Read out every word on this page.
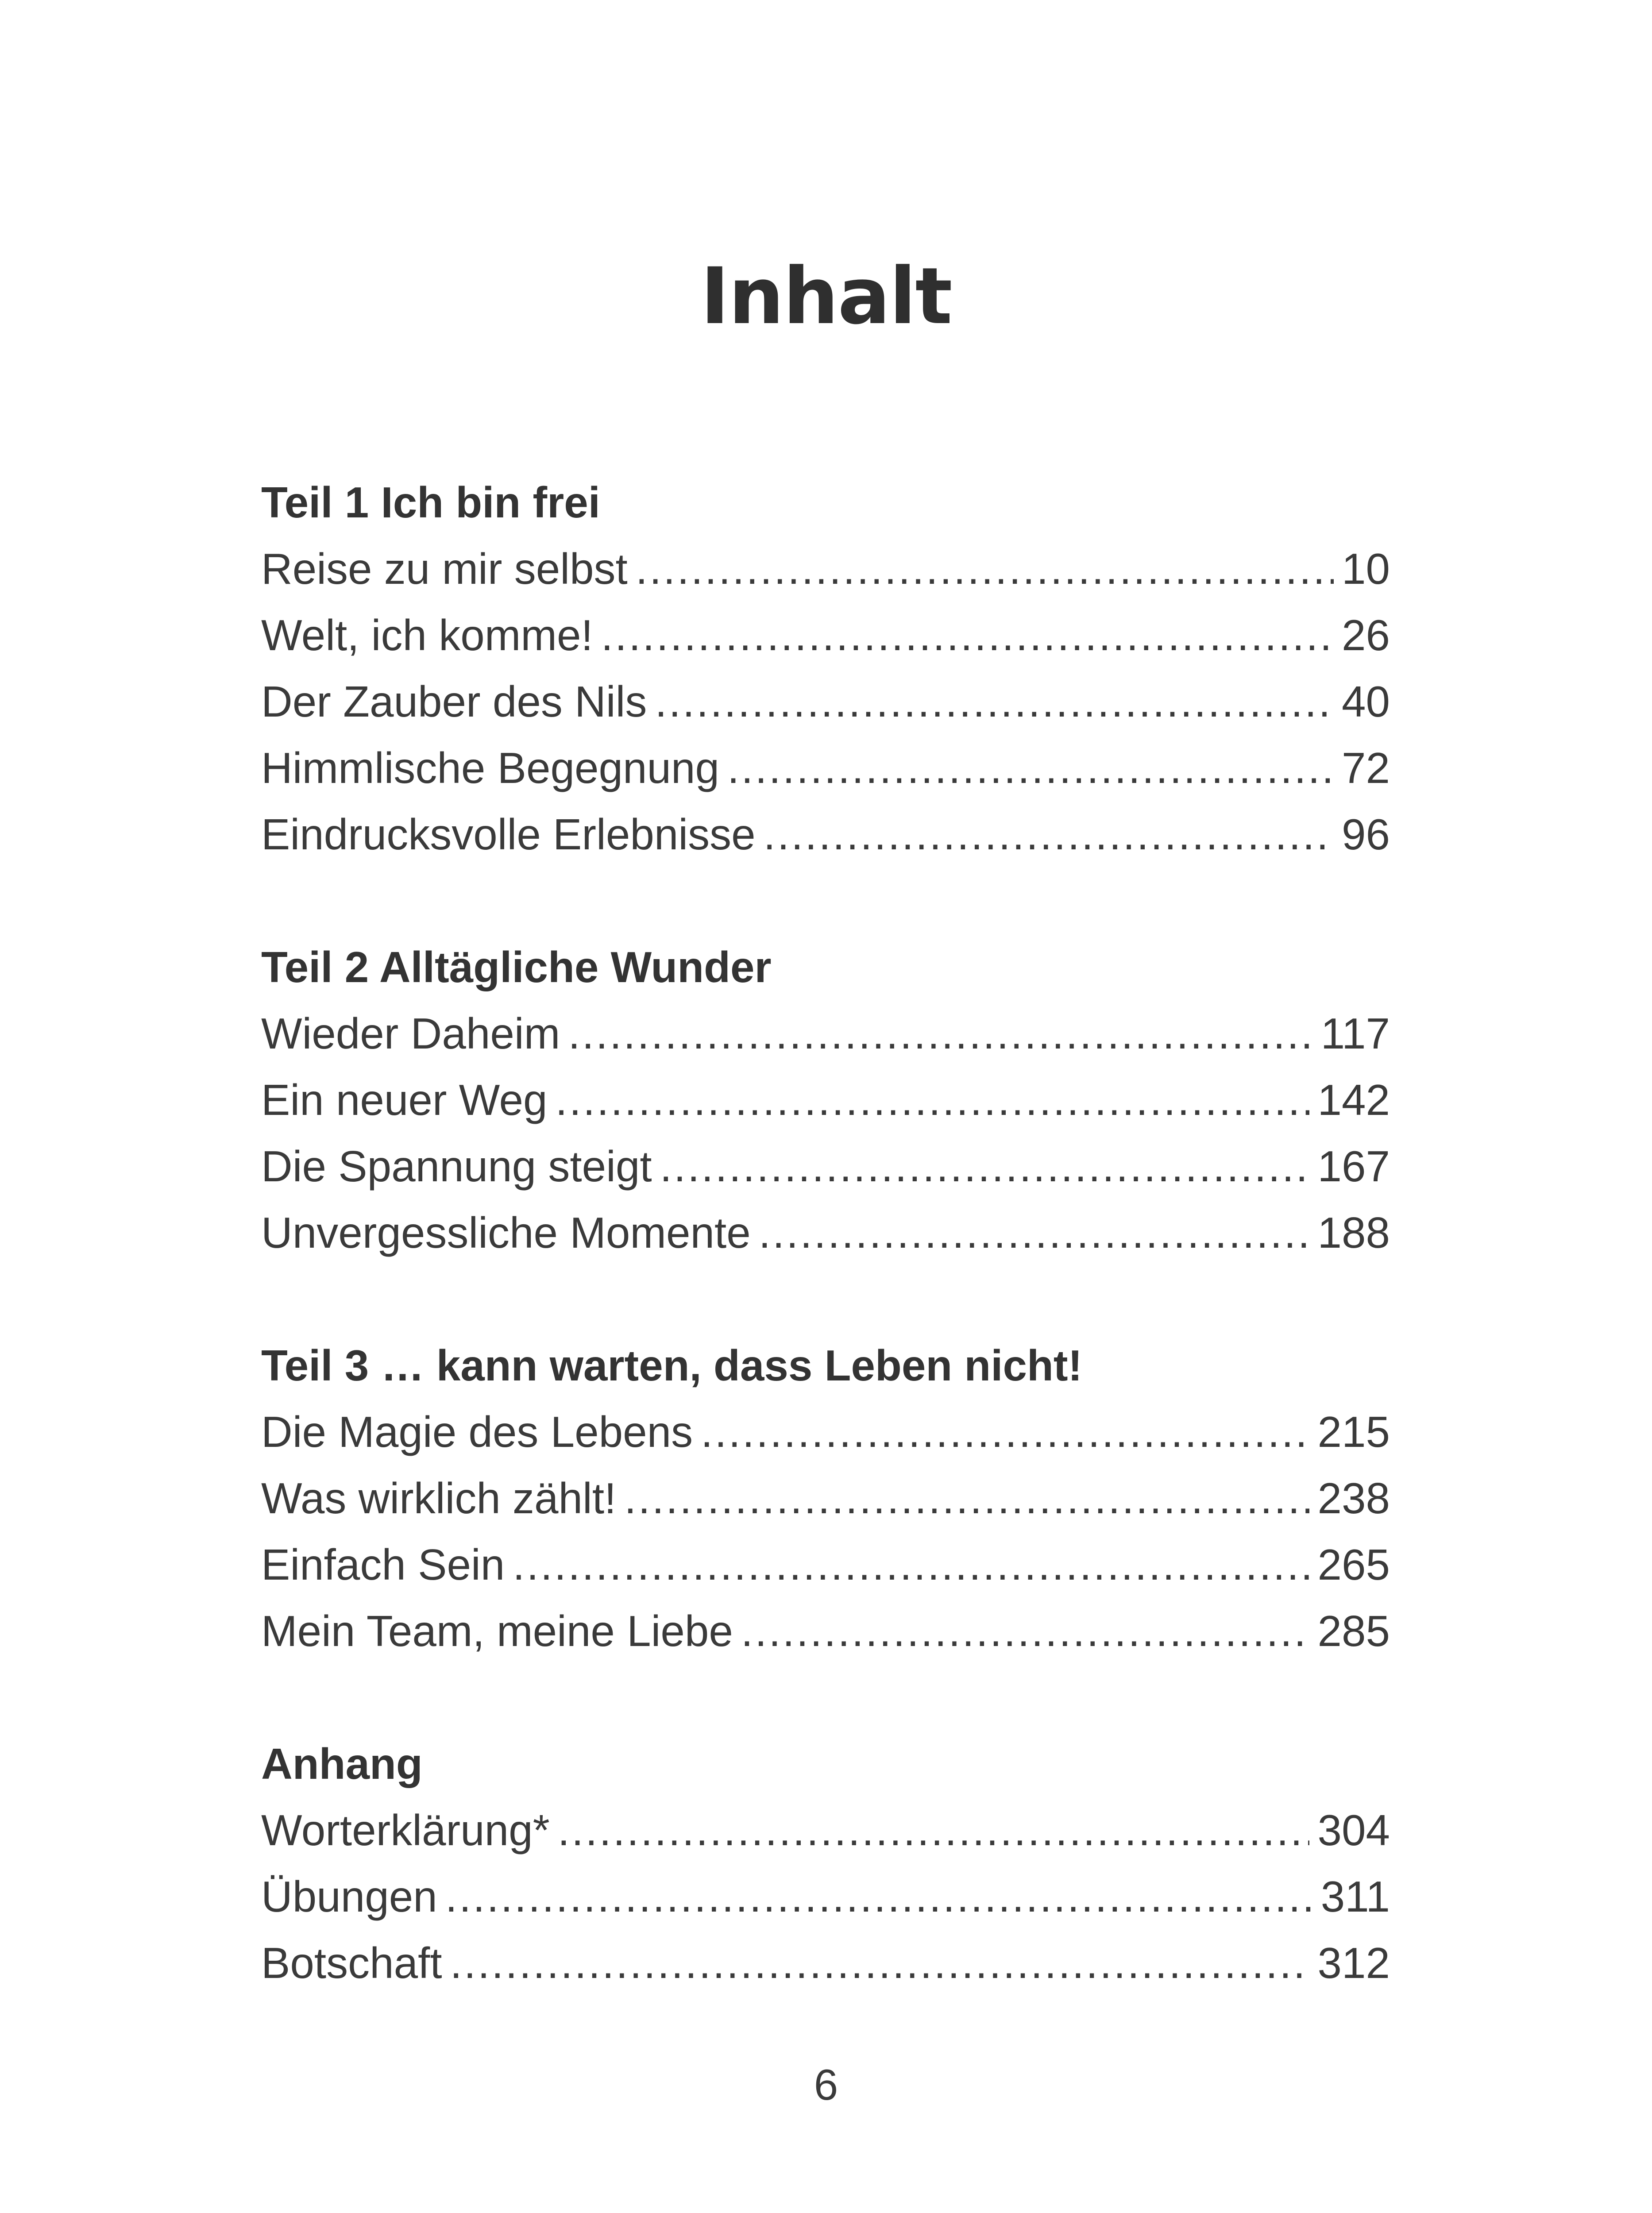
Inhalt
Teil 1 Ich bin frei
Reise zu mir selbst .....	10
Welt, ich komme! .....	26
Der Zauber des Nils .....	40
Himmlische Begegnung .....	72
Eindrucksvolle Erlebnisse .....	96
Teil 2 Alltägliche Wunder
Wieder Daheim .....	117
Ein neuer Weg .....	142
Die Spannung steigt .....	167
Unvergessliche Momente .....	188
Teil 3 … kann warten, dass Leben nicht!
Die Magie des Lebens .....	215
Was wirklich zählt! .....	238
Einfach Sein .....	265
Mein Team, meine Liebe .....	285
Anhang
Worterklärung* .....	304
Übungen .....	311
Botschaft .....	312
6
